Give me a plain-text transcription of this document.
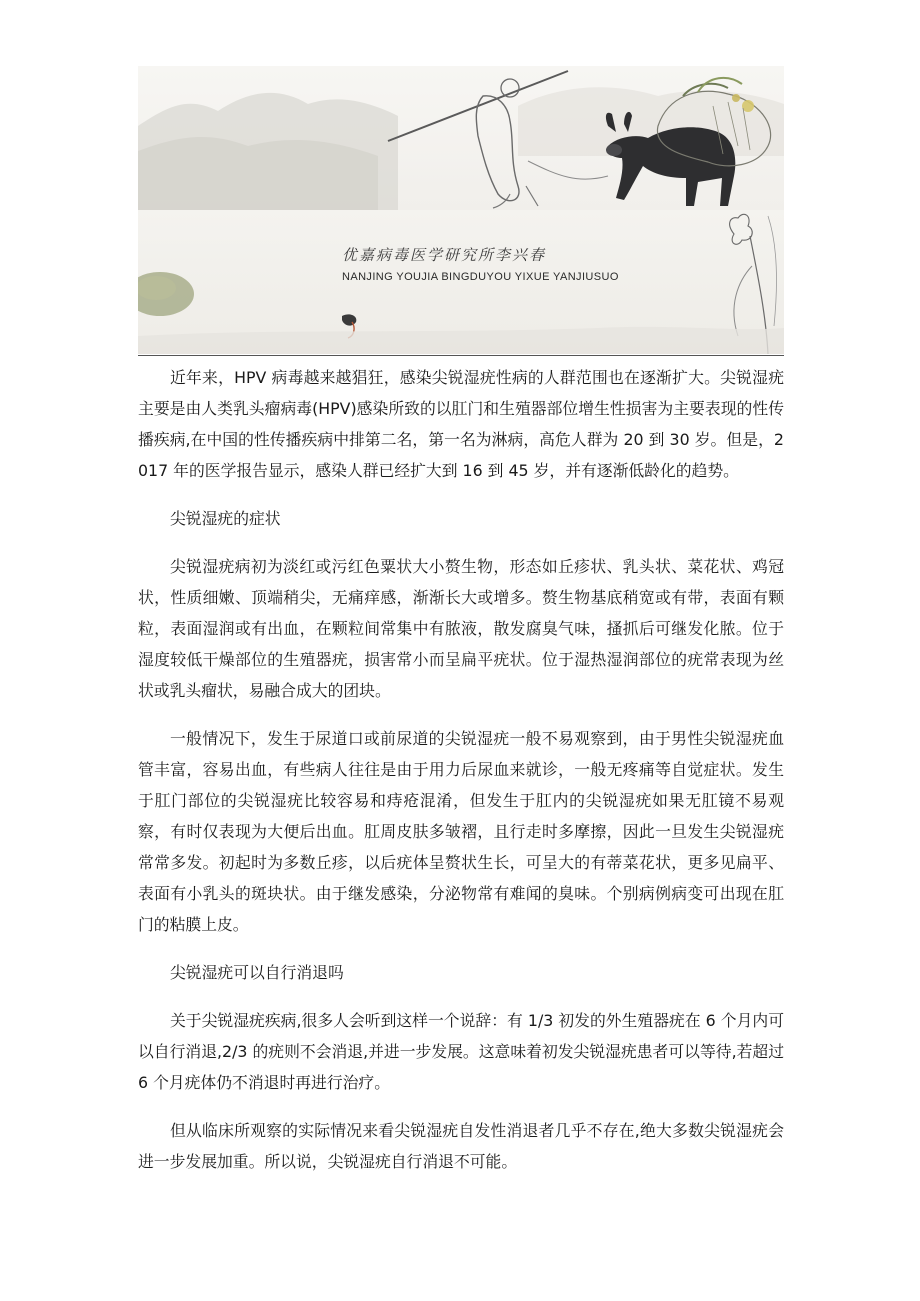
优嘉病毒医学研究所李兴春
NANJING YOUJIA BINGDUYOU YIXUE YANJIUSUO

近年来，HPV 病毒越来越猖狂，感染尖锐湿疣性病的人群范围也在逐渐扩大。尖锐湿疣主要是由人类乳头瘤病毒(HPV)感染所致的以肛门和生殖器部位增生性损害为主要表现的性传播疾病,在中国的性传播疾病中排第二名，第一名为淋病，高危人群为 20 到 30 岁。但是，2017 年的医学报告显示，感染人群已经扩大到 16 到 45 岁，并有逐渐低龄化的趋势。

尖锐湿疣的症状

尖锐湿疣病初为淡红或污红色粟状大小赘生物，形态如丘疹状、乳头状、菜花状、鸡冠状，性质细嫩、顶端稍尖，无痛痒感，渐渐长大或增多。赘生物基底稍宽或有带，表面有颗粒，表面湿润或有出血，在颗粒间常集中有脓液，散发腐臭气味，搔抓后可继发化脓。位于湿度较低干燥部位的生殖器疣，损害常小而呈扁平疣状。位于湿热湿润部位的疣常表现为丝状或乳头瘤状，易融合成大的团块。

一般情况下，发生于尿道口或前尿道的尖锐湿疣一般不易观察到，由于男性尖锐湿疣血管丰富，容易出血，有些病人往往是由于用力后尿血来就诊，一般无疼痛等自觉症状。发生于肛门部位的尖锐湿疣比较容易和痔疮混淆，但发生于肛内的尖锐湿疣如果无肛镜不易观察，有时仅表现为大便后出血。肛周皮肤多皱褶，且行走时多摩擦，因此一旦发生尖锐湿疣常常多发。初起时为多数丘疹，以后疣体呈赘状生长，可呈大的有蒂菜花状，更多见扁平、表面有小乳头的斑块状。由于继发感染，分泌物常有难闻的臭味。个别病例病变可出现在肛门的粘膜上皮。

尖锐湿疣可以自行消退吗

关于尖锐湿疣疾病,很多人会听到这样一个说辞：有 1/3 初发的外生殖器疣在 6 个月内可以自行消退,2/3 的疣则不会消退,并进一步发展。这意味着初发尖锐湿疣患者可以等待,若超过 6 个月疣体仍不消退时再进行治疗。

但从临床所观察的实际情况来看尖锐湿疣自发性消退者几乎不存在,绝大多数尖锐湿疣会进一步发展加重。所以说，尖锐湿疣自行消退不可能。
